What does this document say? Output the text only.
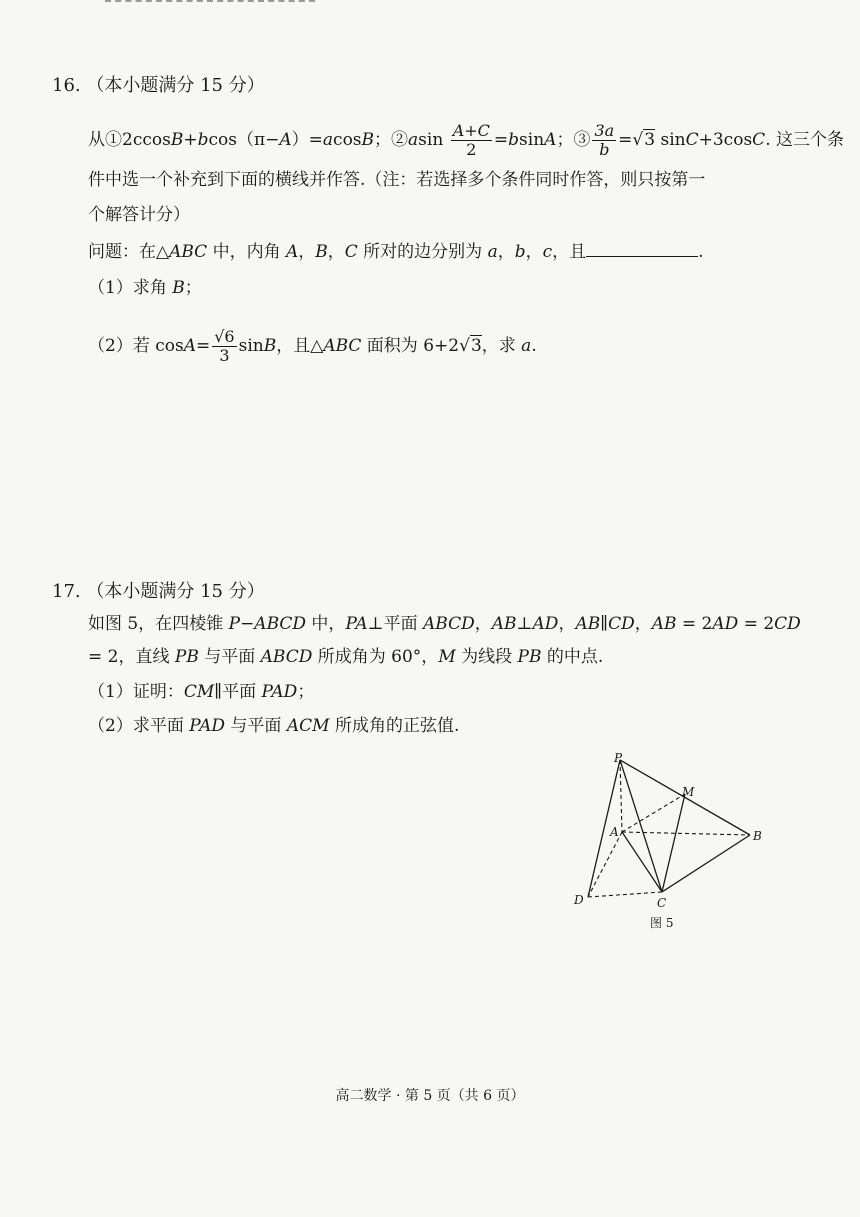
16. （本小题满分 15 分）
从①2ccosB+bcos（π−A）=acosB；②asin $\frac{A+C}{2} =bsinA$；③ $\frac{3a}{b} =√3$ sinC+3cosC. 这三个条
件中选一个补充到下面的横线并作答.（注：若选择多个条件同时作答，则只按第一
个解答计分）
问题：在△ABC 中，内角 A，B，C 所对的边分别为 a，b，c，且	.
（1）求角 B；
（2）若 $\cos A= \frac{√6}{3}$ sinB，且△ABC 面积为 6+2√3，求 a.
17. （本小题满分 15 分）
如图 5，在四棱锥 P−ABCD 中，PA⊥平面 ABCD，AB⊥AD，AB∥CD，AB = 2AD = 2CD
= 2，直线 PB 与平面 ABCD 所成角为 60°，M 为线段 PB 的中点.
（1）证明：CM∥平面 PAD；
（2）求平面 PAD 与平面 ACM 所成角的正弦值.
P
M
A	B
D	C
图 5
高二数学 · 第 5 页（共 6 页）
